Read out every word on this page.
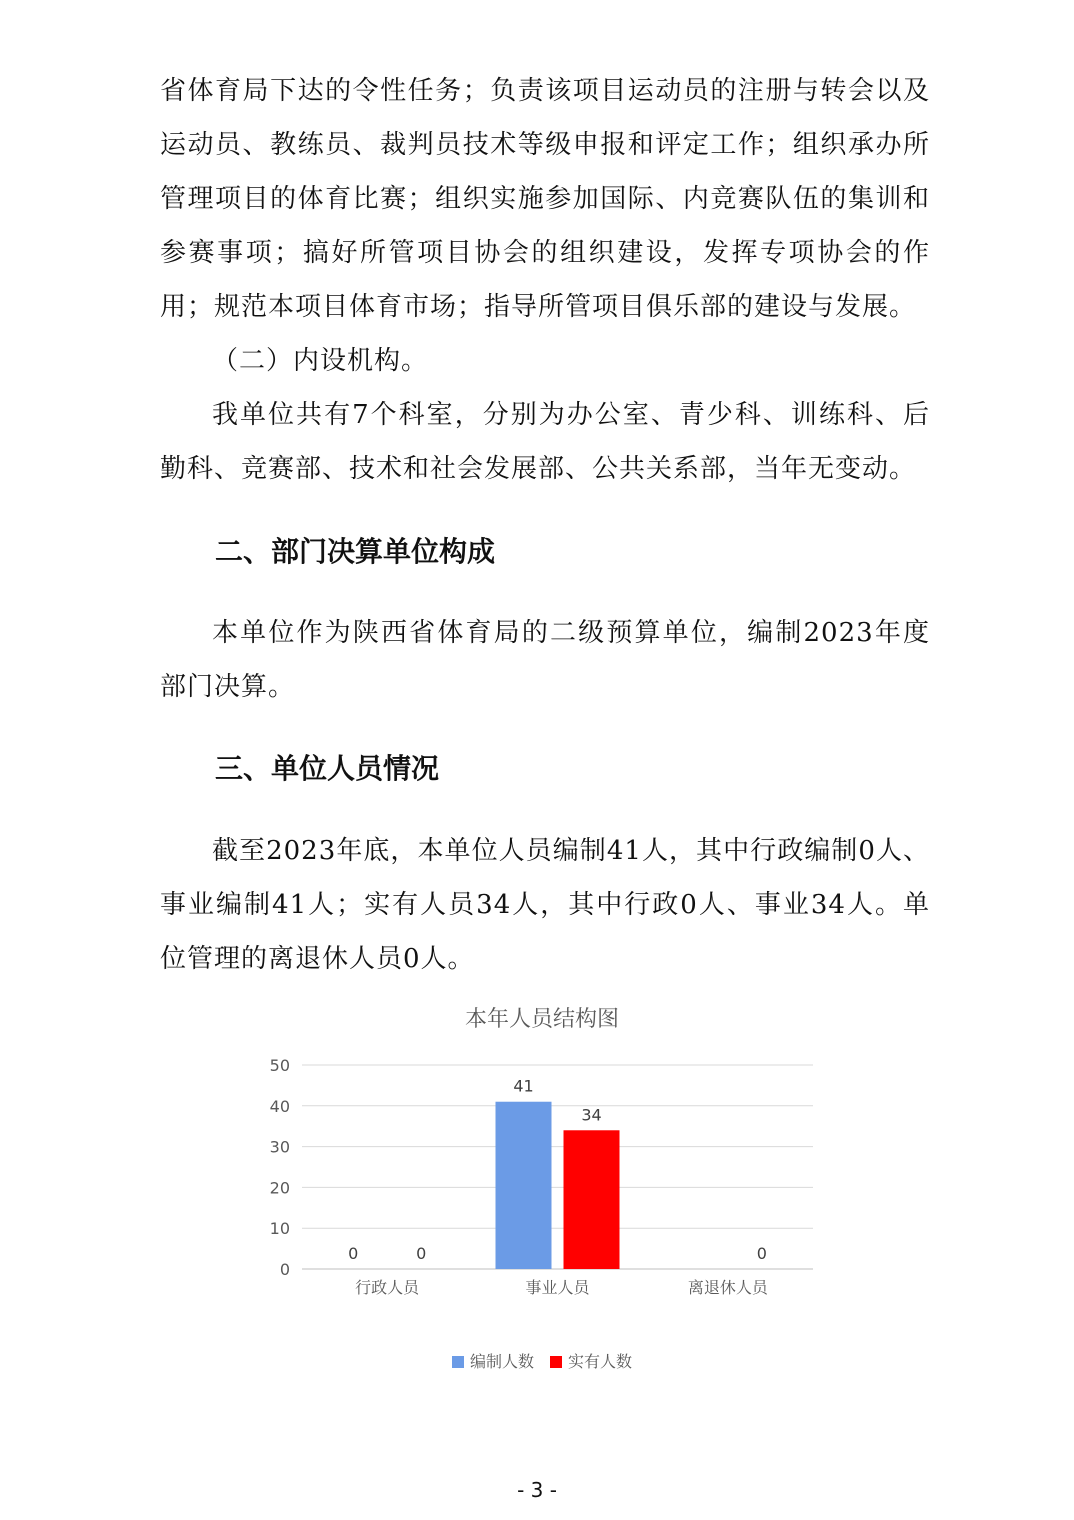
省体育局下达的令性任务；负责该项目运动员的注册与转会以及运动员、教练员、裁判员技术等级申报和评定工作；组织承办所管理项目的体育比赛；组织实施参加国际、内竞赛队伍的集训和参赛事项；搞好所管项目协会的组织建设，发挥专项协会的作用；规范本项目体育市场；指导所管项目俱乐部的建设与发展。

（二）内设机构。

我单位共有7个科室，分别为办公室、青少科、训练科、后勤科、竞赛部、技术和社会发展部、公共关系部，当年无变动。

二、部门决算单位构成

本单位作为陕西省体育局的二级预算单位，编制2023年度部门决算。

三、单位人员情况

截至2023年底，本单位人员编制41人，其中行政编制0人、事业编制41人；实有人员34人，其中行政0人、事业34人。单位管理的离退休人员0人。

本年人员结构图
0
10
20
30
40
50
0	0
41
34
0
行政人员	事业人员	离退休人员
编制人数 实有人数
- 3 -
